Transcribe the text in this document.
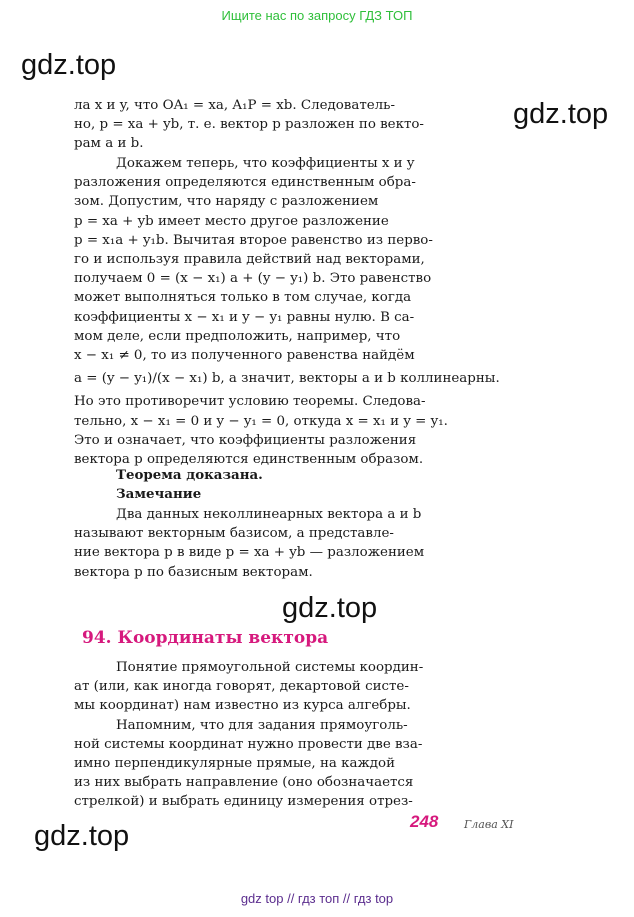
Ищите нас по запросу ГДЗ ТОП
gdz.top
gdz.top
gdz.top
gdz.top
ла x и y, что OA₁ = xa, A₁P = xb. Следователь-
но, p = xa + yb, т. е. вектор p разложен по векто-
рам a и b.
Докажем теперь, что коэффициенты x и y
разложения определяются единственным обра-
зом. Допустим, что наряду с разложением
p = xa + yb имеет место другое разложение
p = x₁a + y₁b. Вычитая второе равенство из перво-
го и используя правила действий над векторами,
получаем 0 = (x − x₁) a + (y − y₁) b. Это равенство
может выполняться только в том случае, когда
коэффициенты x − x₁ и y − y₁ равны нулю. В са-
мом деле, если предположить, например, что
x − x₁ ≠ 0, то из полученного равенства найдём
a = (y − y₁)/(x − x₁) b, а значит, векторы a и b коллинеарны.
Но это противоречит условию теоремы. Следова-
тельно, x − x₁ = 0 и y − y₁ = 0, откуда x = x₁ и y = y₁.
Это и означает, что коэффициенты разложения
вектора p определяются единственным образом.
Теорема доказана.
Замечание
Два данных неколлинеарных вектора a и b
называют векторным базисом, а представле-
ние вектора p в виде p = xa + yb — разложением
вектора p по базисным векторам.
94. Координаты вектора
Понятие прямоугольной системы координ-
ат (или, как иногда говорят, декартовой систе-
мы координат) нам известно из курса алгебры.
Напомним, что для задания прямоуголь-
ной системы координат нужно провести две вза-
имно перпендикулярные прямые, на каждой
из них выбрать направление (оно обозначается
стрелкой) и выбрать единицу измерения отрез-
248 Глава XI
gdz top // гдз топ // гдз top
